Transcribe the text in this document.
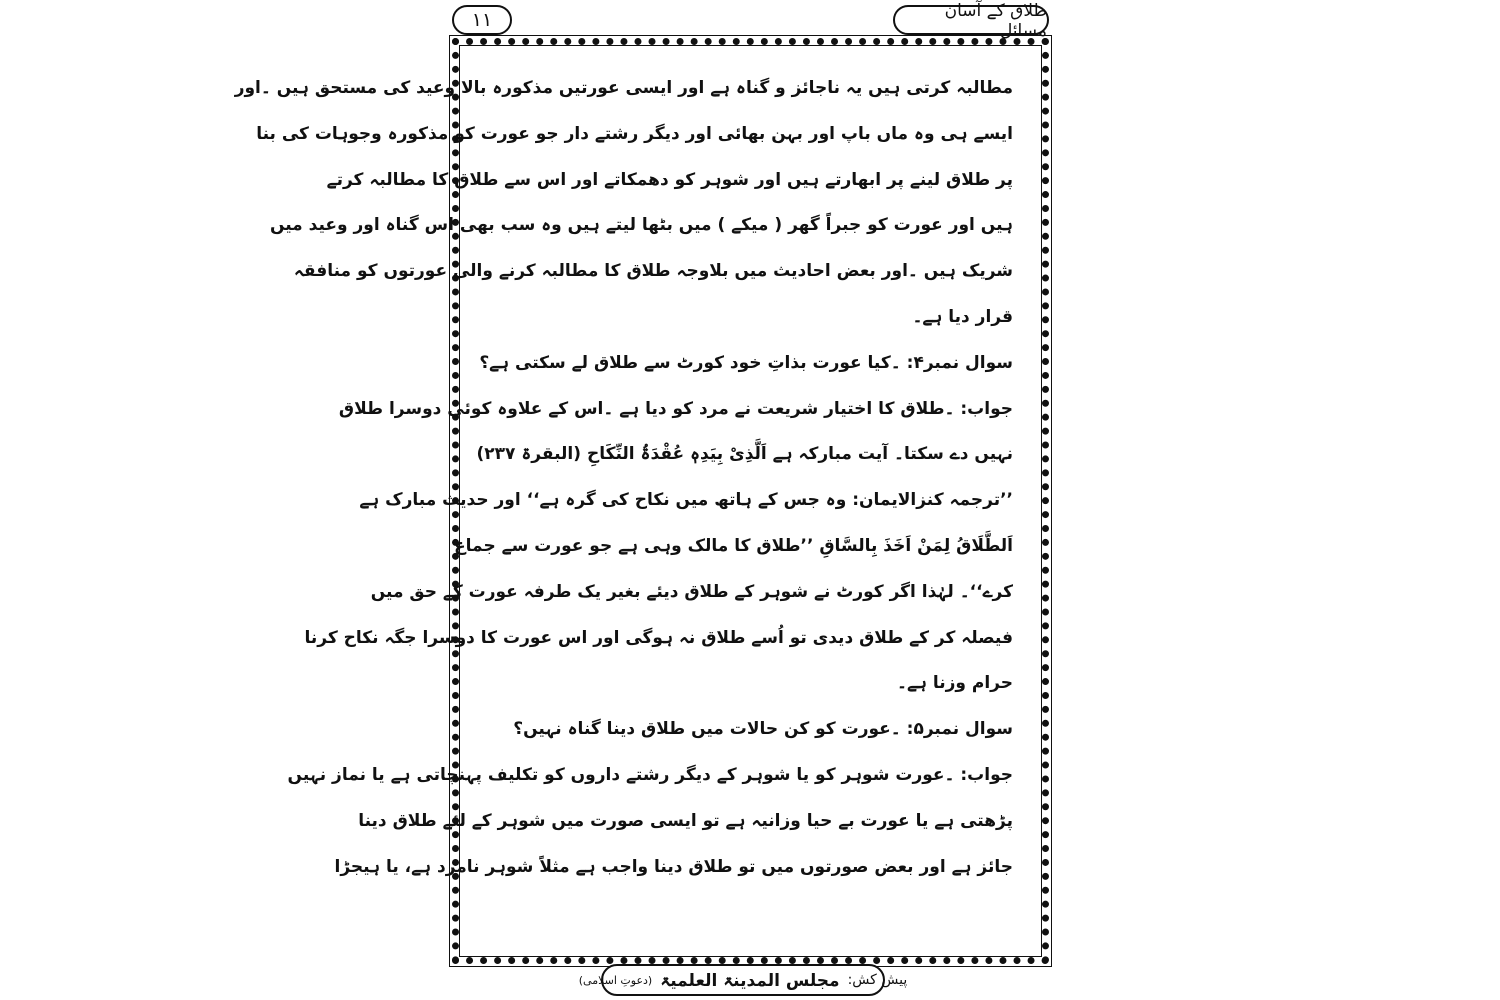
طلاق کے آسان مسائل
۱۱
مطالبہ کرتی ہیں یہ ناجائز و گناہ ہے اور ایسی عورتیں مذکورہ بالا وعید کی مستحق ہیں ۔اور
ایسے ہی وہ ماں باپ اور بہن بھائی اور دیگر رشتے دار جو عورت کو مذکورہ وجوہات کی بنا
پر طلاق لینے پر ابھارتے ہیں اور شوہر کو دھمکاتے اور اس سے طلاق کا مطالبہ کرتے
ہیں اور عورت کو جبراً گھر ( میکے ) میں بٹھا لیتے ہیں وہ سب بھی اس گناہ اور وعید میں
شریک ہیں ۔اور بعض احادیث میں بلاوجہ طلاق کا مطالبہ کرنے والی عورتوں کو منافقہ
قرار دیا ہے۔
سوال نمبر۴: ۔کیا عورت بذاتِ خود کورٹ سے طلاق لے سکتی ہے؟
جواب: ۔طلاق کا اختیار شریعت نے مرد کو دیا ہے ۔اس کے علاوہ کوئی دوسرا طلاق
نہیں دے سکتا۔ آیت مبارکہ ہے اَلَّذِیْ بِیَدِہٖ عُقْدَۃُ النِّکَاحِ (البقرۃ ۲۳۷)
’’ترجمہ کنزالایمان: وہ جس کے ہاتھ میں نکاح کی گرہ ہے‘‘ اور حدیث مبارک ہے
اَلطَّلَاقُ لِمَنْ اَخَذَ بِالسَّاقِ ’’طلاق کا مالک وہی ہے جو عورت سے جماع
کرے‘‘۔ لہٰذا اگر کورٹ نے شوہر کے طلاق دیئے بغیر یک طرفہ عورت کے حق میں
فیصلہ کر کے طلاق دیدی تو اُسے طلاق نہ ہوگی اور اس عورت کا دوسرا جگہ نکاح کرنا
حرام وزنا ہے۔
سوال نمبر۵: ۔عورت کو کن حالات میں طلاق دینا گناہ نہیں؟
جواب: ۔عورت شوہر کو یا شوہر کے دیگر رشتے داروں کو تکلیف پہنچاتی ہے یا نماز نہیں
پڑھتی ہے یا عورت بے حیا وزانیہ ہے تو ایسی صورت میں شوہر کے لئے طلاق دینا
جائز ہے اور بعض صورتوں میں تو طلاق دینا واجب ہے مثلاً شوہر نامرد ہے، یا ہیجڑا
پیش کش:
مجلس المدینۃ العلمیۃ
(دعوتِ اسلامی)
